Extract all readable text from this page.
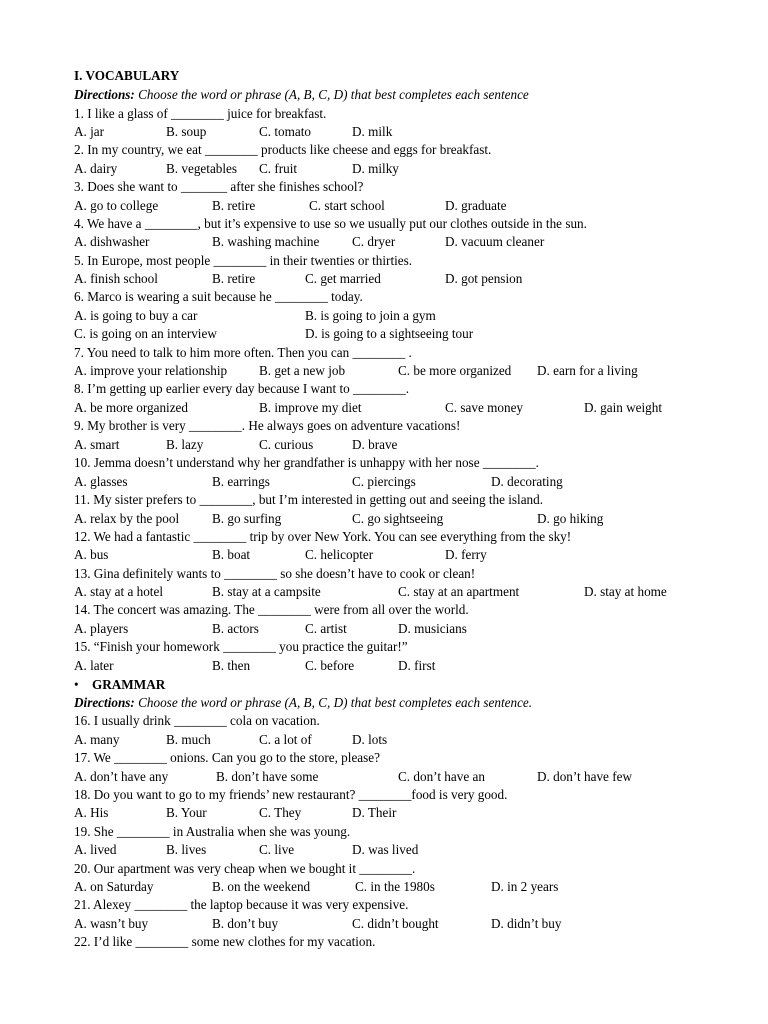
I. VOCABULARY
Directions: Choose the word or phrase (A, B, C, D) that best completes each sentence
1. I like a glass of ________ juice for breakfast.
A. jar	B. soup	C. tomato	D. milk
2. In my country, we eat ________ products like cheese and eggs for breakfast.
A. dairy	B. vegetables C. fruit	D. milky
3. Does she want to _______ after she finishes school?
A. go to college	B. retire	C. start school	D. graduate
4. We have a ________, but it’s expensive to use so we usually put our clothes outside in the sun.
A. dishwasher	B. washing machine C. dryer	D. vacuum cleaner
5. In Europe, most people ________ in their twenties or thirties.
A. finish school	B. retire	C. get married	D. got pension
6. Marco is wearing a suit because he ________ today.
A. is going to buy a car	B. is going to join a gym
C. is going on an interview	D. is going to a sightseeing tour
7. You need to talk to him more often. Then you can ________ .
A. improve your relationship B. get a new job	C. be more organized D. earn for a living
8. I’m getting up earlier every day because I want to ________.
A. be more organized	B. improve my diet	C. save money	D. gain weight
9. My brother is very ________. He always goes on adventure vacations!
A. smart	B. lazy	C. curious	D. brave
10. Jemma doesn’t understand why her grandfather is unhappy with her nose ________.
A. glasses	B. earrings	C. piercings	D. decorating
11. My sister prefers to ________, but I’m interested in getting out and seeing the island.
A. relax by the pool B. go surfing	C. go sightseeing	D. go hiking
12. We had a fantastic ________ trip by over New York. You can see everything from the sky!
A. bus	B. boat	C. helicopter	D. ferry
13. Gina definitely wants to ________ so she doesn’t have to cook or clean!
A. stay at a hotel	B. stay at a campsite	C. stay at an apartment	D. stay at home
14. The concert was amazing. The ________ were from all over the world.
A. players	B. actors	C. artist	D. musicians
15. “Finish your homework ________ you practice the guitar!”
A. later	B. then	C. before	D. first
• GRAMMAR
Directions: Choose the word or phrase (A, B, C, D) that best completes each sentence.
16. I usually drink ________ cola on vacation.
A. many	B. much	C. a lot of	D. lots
17. We ________ onions. Can you go to the store, please?
A. don’t have any	B. don’t have some	C. don’t have an	D. don’t have few
18. Do you want to go to my friends’ new restaurant? ________food is very good.
A. His	B. Your	C. They	D. Their
19. She ________ in Australia when she was young.
A. lived	B. lives	C. live	D. was lived
20. Our apartment was very cheap when we bought it ________.
A. on Saturday	B. on the weekend	C. in the 1980s	D. in 2 years
21. Alexey ________ the laptop because it was very expensive.
A. wasn’t buy	B. don’t buy	C. didn’t bought	D. didn’t buy
22. I’d like ________ some new clothes for my vacation.
